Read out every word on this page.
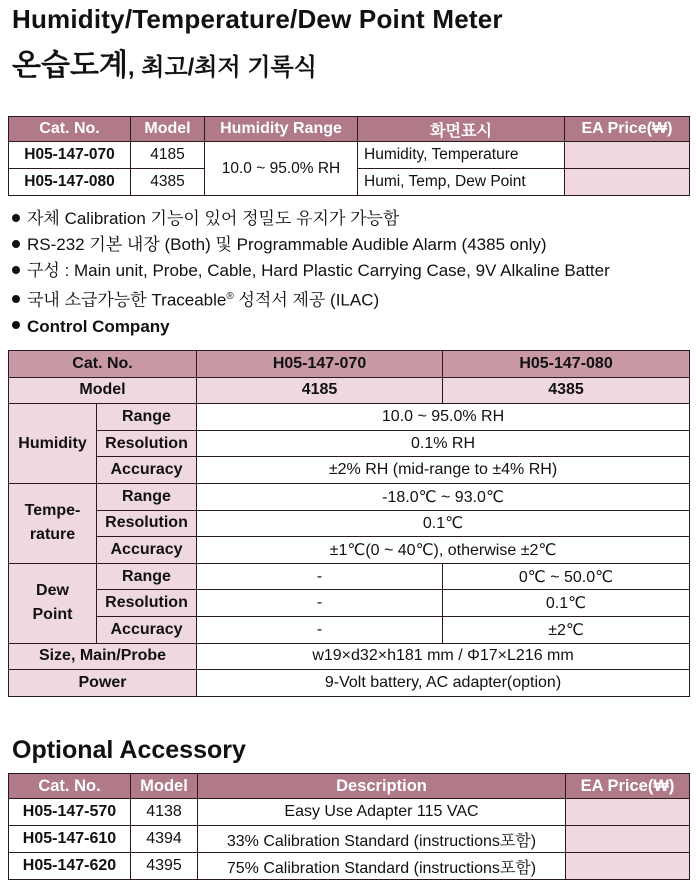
Humidity/Temperature/Dew Point Meter
온습도계, 최고/최저 기록식
Cat. No.	Model	Humidity Range	화면표시	EA Price(₩)
H05-147-070	4185	10.0 ~ 95.0% RH	Humidity, Temperature	
H05-147-080	4385		Humi, Temp, Dew Point	
자체 Calibration 기능이 있어 정밀도 유지가 가능함
RS-232 기본 내장 (Both) 및 Programmable Audible Alarm (4385 only)
구성 : Main unit, Probe, Cable, Hard Plastic Carrying Case, 9V Alkaline Batter
국내 소급가능한 Traceable® 성적서 제공 (ILAC)
Control Company
Cat. No.		H05-147-070	H05-147-080
Model		4185	4385
Humidity	Range	10.0 ~ 95.0% RH	
	Resolution	0.1% RH	
	Accuracy	±2% RH (mid-range to ±4% RH)	
Tempe-
rature	Range	-18.0℃ ~ 93.0℃	
	Resolution	0.1℃	
	Accuracy	±1℃(0 ~ 40℃), otherwise ±2℃	
Dew
Point	Range	-	0℃ ~ 50.0℃
	Resolution	-	0.1℃
	Accuracy	-	±2℃
Size, Main/Probe		w19×d32×h181 mm / Φ17×L216 mm	
Power		9-Volt battery, AC adapter(option)	
Optional Accessory
Cat. No.	Model	Description	EA Price(₩)
H05-147-570	4138	Easy Use Adapter 115 VAC	
H05-147-610	4394	33% Calibration Standard (instructions포함)	
H05-147-620	4395	75% Calibration Standard (instructions포함)	
